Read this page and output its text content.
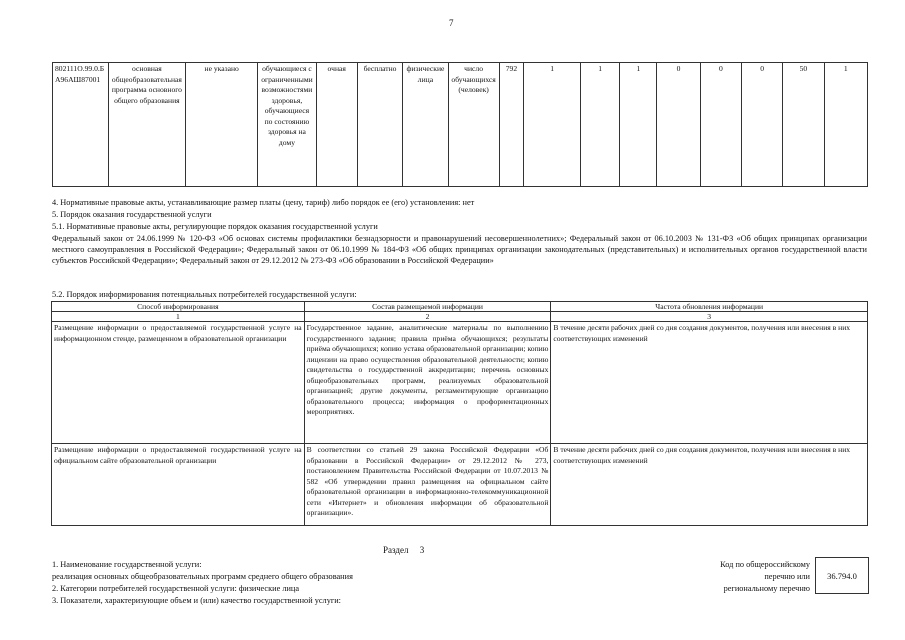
7
802111О.99.0.БА96АШ87001	основная общеобразовательная программа основного общего образования	не указано	обучающиеся с ограниченными возможностями здоровья, обучающиеся по состоянию здоровья на дому	очная	бесплатно	физические лица	число обучающихся (человек)	792	1	1	1	0	0	0	50	1
4. Нормативные правовые акты, устанавливающие размер платы (цену, тариф) либо порядок ее (его) установления: нет
5. Порядок оказания государственной услуги
5.1. Нормативные правовые акты, регулирующие порядок оказания государственной услуги
Федеральный закон от 24.06.1999 № 120-ФЗ «Об основах системы профилактики безнадзорности и правонарушений несовершеннолетних»; Федеральный закон от 06.10.2003 № 131-ФЗ «Об общих принципах организации местного самоуправления в Российской Федерации»; Федеральный закон от 06.10.1999 № 184-ФЗ «Об общих принципах организации законодательных (представительных) и исполнительных органов государственной власти субъектов Российской Федерации»; Федеральный закон от 29.12.2012 № 273-ФЗ «Об образовании в Российской Федерации»
5.2. Порядок информирования потенциальных потребителей государственной услуги:
Способ информирования	Состав размещаемой информации	Частота обновления информации
1	2	3
Размещение информации о предоставляемой государственной услуге на информационном стенде, размещенном в образовательной организации	Государственное задание, аналитические материалы по выполнению государственного задания; правила приёма обучающихся; результаты приёма обучающихся; копию устава образовательной организации; копию лицензии на право осуществления образовательной деятельности; копию свидетельства о государственной аккредитации; перечень основных общеобразовательных программ, реализуемых образовательной организацией; другие документы, регламентирующие организацию образовательного процесса; информация о профориентационных мероприятиях.	В течение десяти рабочих дней со дня создания документов, получения или внесения в них соответствующих изменений
Размещение информации о предоставляемой государственной услуге на официальном сайте образовательной организации	В соответствии со статьей 29 закона Российской Федерации «Об образовании в Российской Федерации» от 29.12.2012 № 273, постановлением Правительства Российской Федерации от 10.07.2013 № 582 «Об утверждении правил размещения на официальном сайте образовательной организации в информационно-телекоммуникационной сети «Интернет» и обновления информации об образовательной организации».	В течение десяти рабочих дней со дня создания документов, получения или внесения в них соответствующих изменений
Раздел 3
1. Наименование государственной услуги:
реализация основных общеобразовательных программ среднего общего образования
2. Категории потребителей государственной услуги: физические лица
3. Показатели, характеризующие объем и (или) качество государственной услуги:
Код по общероссийскому
перечню или
региональному перечню
36.794.0
